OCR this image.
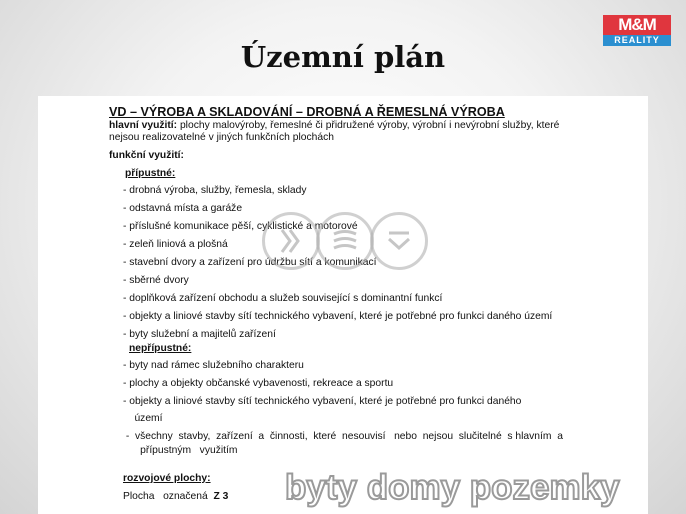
Územní plán
M&M
REALITY
VD – VÝROBA A SKLADOVÁNÍ – DROBNÁ A ŘEMESLNÁ VÝROBA
hlavní využití: plochy malovýroby, řemeslné či přidružené výroby, výrobní i nevýrobní služby, které
nejsou realizovatelné v jiných funkčních plochách
funkční využití:
přípustné:
- drobná výroba, služby, řemesla, sklady
- odstavná místa a garáže
- příslušné komunikace pěší, cyklistické a motorové
- zeleň liniová a plošná
- stavební dvory a zařízení pro údržbu sítí a komunikací
- sběrné dvory
- doplňková zařízení obchodu a služeb související s dominantní funkcí
- objekty a liniové stavby sítí technického vybavení, které je potřebné pro funkci daného území
- byty služební a majitelů zařízení
nepřípustné:
- byty nad rámec služebního charakteru
- plochy a objekty občanské vybavenosti, rekreace a sportu
- objekty a liniové stavby sítí technického vybavení, které je potřebné pro funkci daného
území
-  všechny  stavby,  zařízení  a  činnosti,  které  nesouvisí   nebo  nejsou  slučitelné  s hlavním  a
přípustným   využitím
rozvojové plochy:
Plocha   označená  Z 3 byty domy pozemky
